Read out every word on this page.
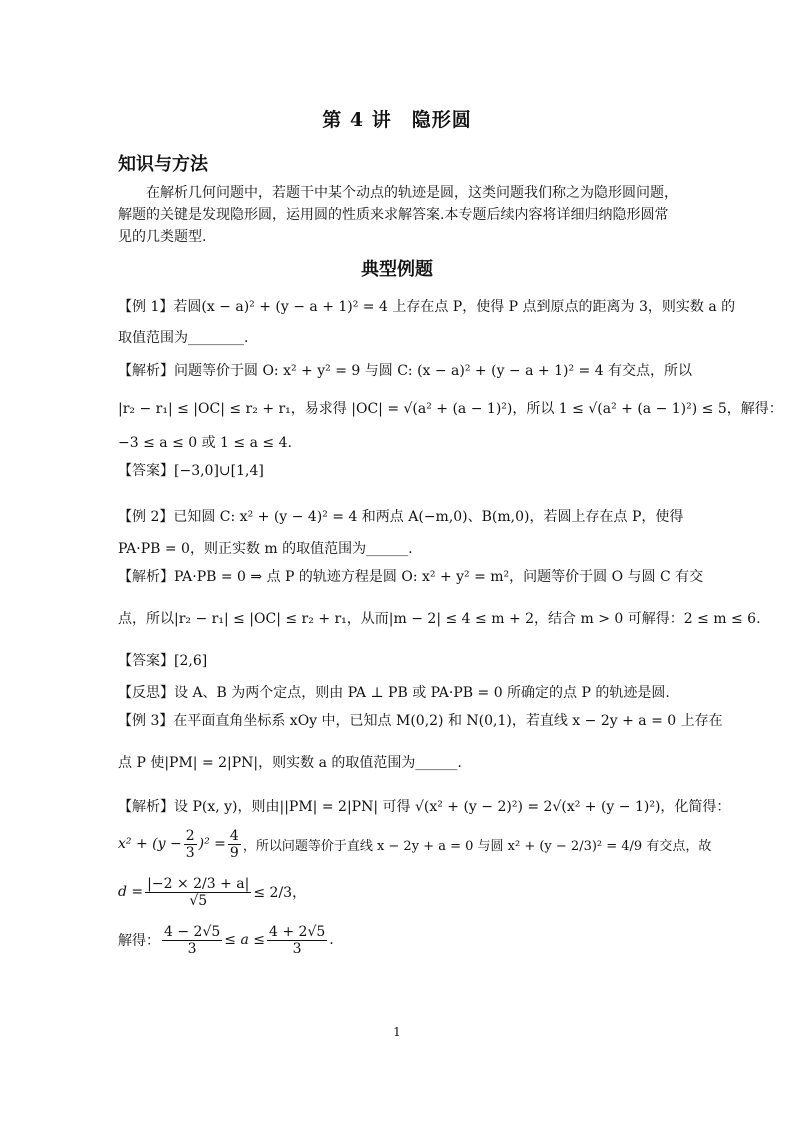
第 4 讲　隐形圆
知识与方法
在解析几何问题中，若题干中某个动点的轨迹是圆，这类问题我们称之为隐形圆问题，
解题的关键是发现隐形圆，运用圆的性质来求解答案.本专题后续内容将详细归纳隐形圆常
见的几类题型.
典型例题
【例 1】若圆(x − a)² + (y − a + 1)² = 4 上存在点 P，使得 P 点到原点的距离为 3，则实数 a 的
取值范围为________.
【解析】问题等价于圆 O: x² + y² = 9 与圆 C: (x − a)² + (y − a + 1)² = 4 有交点，所以
|r₂ − r₁| ≤ |OC| ≤ r₂ + r₁，易求得 |OC| = √(a² + (a − 1)²)，所以 1 ≤ √(a² + (a − 1)²) ≤ 5，解得：
−3 ≤ a ≤ 0 或 1 ≤ a ≤ 4.
【答案】[−3,0]∪[1,4]
【例 2】已知圆 C: x² + (y − 4)² = 4 和两点 A(−m,0)、B(m,0)，若圆上存在点 P，使得
PA·PB = 0，则正实数 m 的取值范围为______.
【解析】PA·PB = 0 ⇒ 点 P 的轨迹方程是圆 O: x² + y² = m²，问题等价于圆 O 与圆 C 有交
点，所以|r₂ − r₁| ≤ |OC| ≤ r₂ + r₁，从而|m − 2| ≤ 4 ≤ m + 2，结合 m > 0 可解得：2 ≤ m ≤ 6.
【答案】[2,6]
【反思】设 A、B 为两个定点，则由 PA ⊥ PB 或 PA·PB = 0 所确定的点 P 的轨迹是圆.
【例 3】在平面直角坐标系 xOy 中，已知点 M(0,2) 和 N(0,1)，若直线 x − 2y + a = 0 上存在
点 P 使|PM| = 2|PN|，则实数 a 的取值范围为______.
【解析】设 P(x, y)，则由||PM| = 2|PN| 可得 √(x² + (y − 2)²) = 2√(x² + (y − 1)²)，化简得：
$x^2 + (y - \frac{2}{3} )^2 = \frac{4}{9}$ ，所以问题等价于直线 x − 2y + a = 0 与圆 x² + (y − 2/3)² = 4/9 有交点，故
$d = \frac{|-2 \times 2/3 + a|}{√5} \le 2/3$，
解得： $\frac{4 - 2√5}{3} \le a \le \frac{4 + 2√5}{3}$ .
1
